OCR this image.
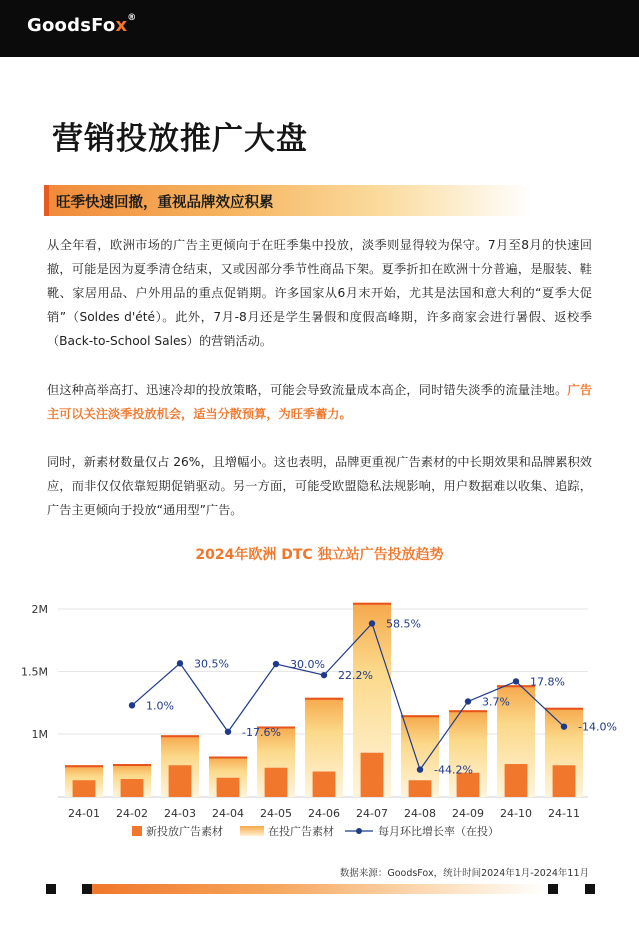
GoodsFox®
营销投放推广大盘
旺季快速回撤，重视品牌效应积累
从全年看，欧洲市场的广告主更倾向于在旺季集中投放，淡季则显得较为保守。7月至8月的快速回撤，可能是因为夏季清仓结束，又或因部分季节性商品下架。夏季折扣在欧洲十分普遍，是服装、鞋靴、家居用品、户外用品的重点促销期。许多国家从6月末开始，尤其是法国和意大利的“夏季大促销”（Soldes d'été）。此外，7月-8月还是学生暑假和度假高峰期，许多商家会进行暑假、返校季（Back-to-School Sales）的营销活动。
但这种高举高打、迅速冷却的投放策略，可能会导致流量成本高企，同时错失淡季的流量洼地。广告主可以关注淡季投放机会，适当分散预算，为旺季蓄力。
同时，新素材数量仅占 26%，且增幅小。这也表明，品牌更重视广告素材的中长期效果和品牌累积效应，而非仅仅依靠短期促销驱动。另一方面，可能受欧盟隐私法规影响，用户数据难以收集、追踪，广告主更倾向于投放“通用型”广告。
2024年欧洲 DTC 独立站广告投放趋势
2M
1.5M
1M
1.0%
30.5%
-17.6%
30.0%
22.2%
58.5%
-44.2%
3.7%
17.8%
-14.0%
24-01 24-02 24-03 24-04 24-05 24-06 24-07 24-08 24-09 24-10 24-11
新投放广告素材	在投广告素材	每月环比增长率（在投）
数据来源：GoodsFox，统计时间2024年1月-2024年11月
